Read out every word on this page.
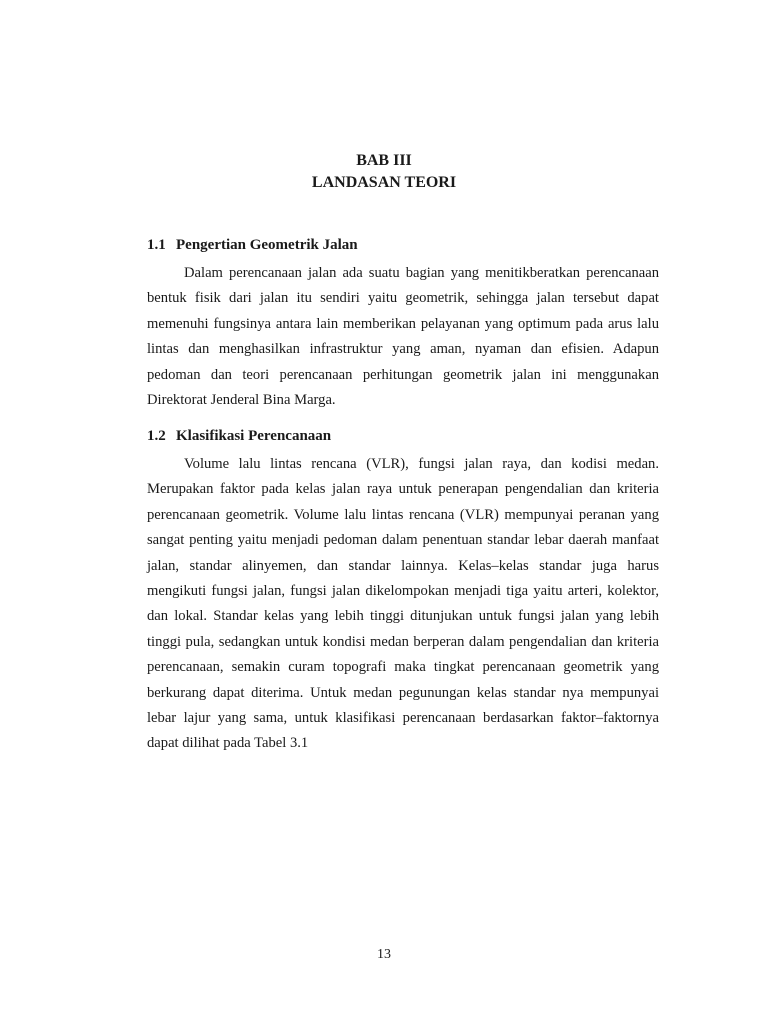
BAB III
LANDASAN TEORI
1.1 Pengertian Geometrik Jalan

Dalam perencanaan jalan ada suatu bagian yang menitikberatkan perencanaan bentuk fisik dari jalan itu sendiri yaitu geometrik, sehingga jalan tersebut dapat memenuhi fungsinya antara lain memberikan pelayanan yang optimum pada arus lalu lintas dan menghasilkan infrastruktur yang aman, nyaman dan efisien. Adapun pedoman dan teori perencanaan perhitungan geometrik jalan ini menggunakan Direktorat Jenderal Bina Marga.

1.2 Klasifikasi Perencanaan

Volume lalu lintas rencana (VLR), fungsi jalan raya, dan kodisi medan. Merupakan faktor pada kelas jalan raya untuk penerapan pengendalian dan kriteria perencanaan geometrik. Volume lalu lintas rencana (VLR) mempunyai peranan yang sangat penting yaitu menjadi pedoman dalam penentuan standar lebar daerah manfaat jalan, standar alinyemen, dan standar lainnya. Kelas–kelas standar juga harus mengikuti fungsi jalan, fungsi jalan dikelompokan menjadi tiga yaitu arteri, kolektor, dan lokal. Standar kelas yang lebih tinggi ditunjukan untuk fungsi jalan yang lebih tinggi pula, sedangkan untuk kondisi medan berperan dalam pengendalian dan kriteria perencanaan, semakin curam topografi maka tingkat perencanaan geometrik yang berkurang dapat diterima. Untuk medan pegunungan kelas standar nya mempunyai lebar lajur yang sama, untuk klasifikasi perencanaan berdasarkan faktor–faktornya dapat dilihat pada Tabel 3.1

13
